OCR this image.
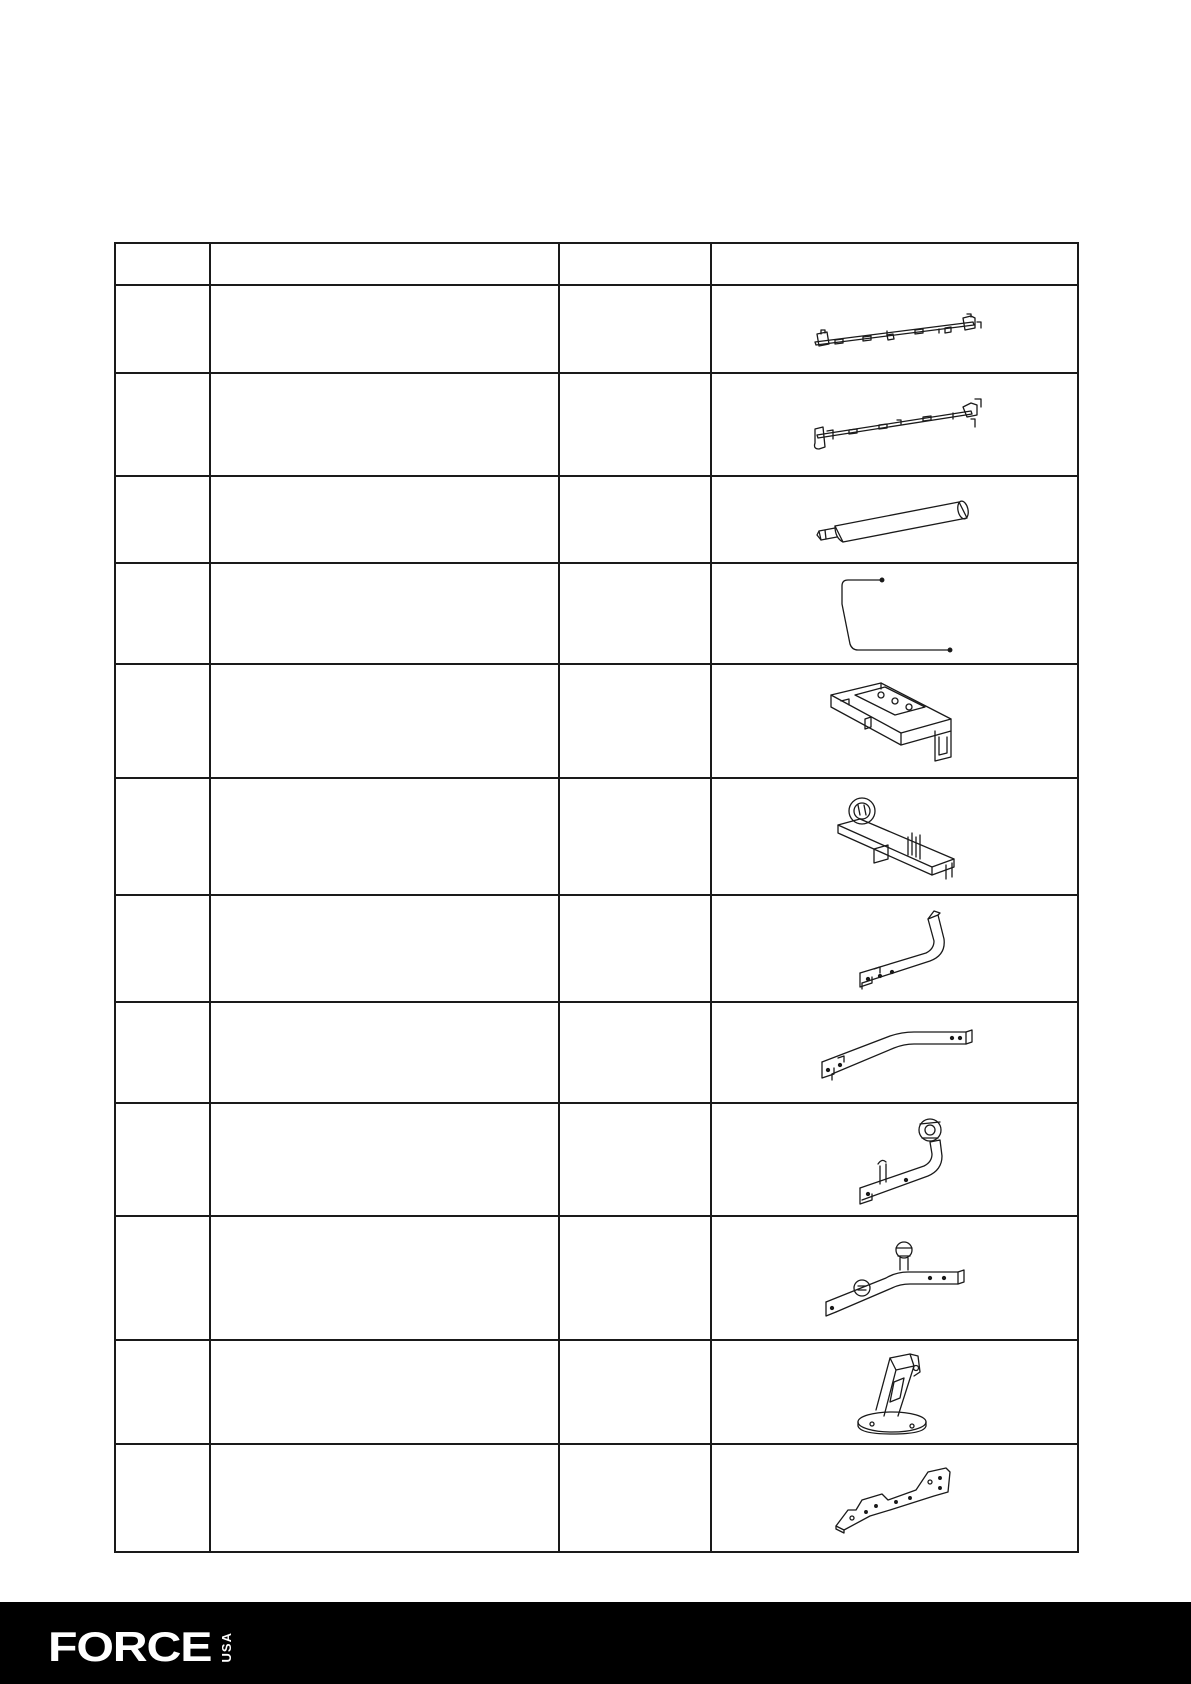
FORCE USA
